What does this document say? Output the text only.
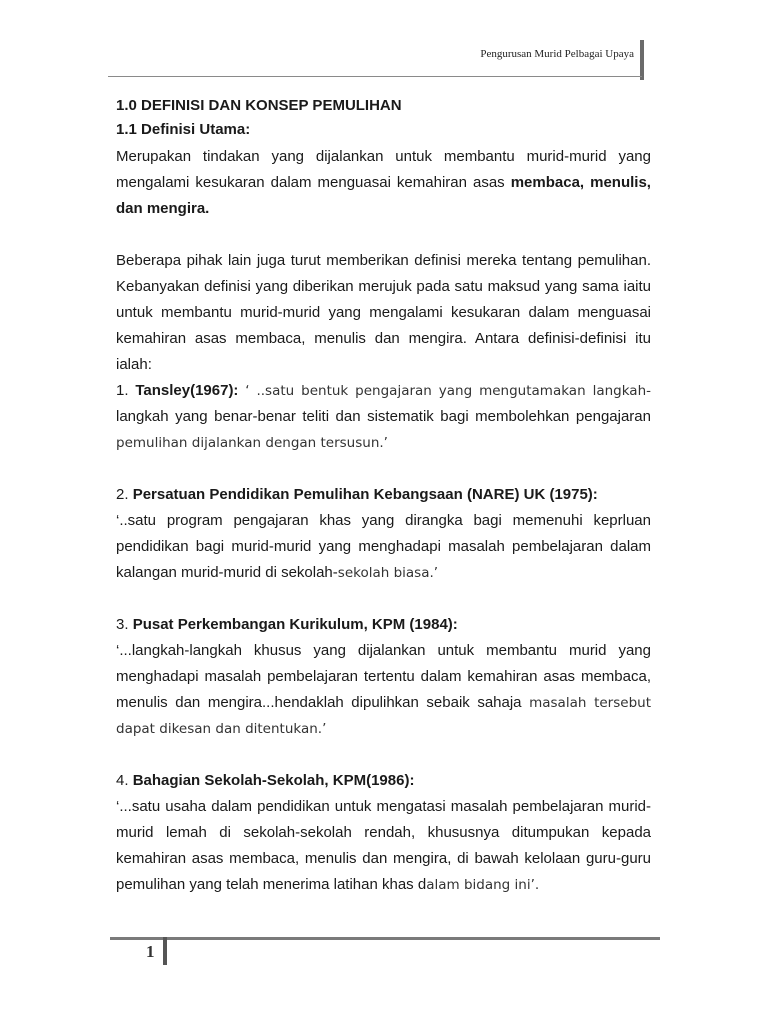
Pengurusan Murid Pelbagai Upaya
1.0 DEFINISI DAN KONSEP PEMULIHAN
1.1 Definisi Utama:

Merupakan tindakan yang dijalankan untuk membantu murid-murid yang mengalami kesukaran dalam menguasai kemahiran asas membaca, menulis, dan mengira.

Beberapa pihak lain juga turut memberikan definisi mereka tentang pemulihan. Kebanyakan definisi yang diberikan merujuk pada satu maksud yang sama iaitu untuk membantu murid-murid yang mengalami kesukaran dalam menguasai kemahiran asas membaca, menulis dan mengira. Antara definisi-definisi itu ialah:

1. Tansley(1967): ‘ ..satu bentuk pengajaran yang mengutamakan langkah- langkah yang benar-benar teliti dan sistematik bagi membolehkan pengajaran pemulihan dijalankan dengan tersusun.’

2. Persatuan Pendidikan Pemulihan Kebangsaan (NARE) UK (1975):

‘..satu program pengajaran khas yang dirangka bagi memenuhi keprluan pendidikan bagi murid-murid yang menghadapi masalah pembelajaran dalam kalangan murid-murid di sekolah-sekolah biasa.’

3. Pusat Perkembangan Kurikulum, KPM (1984):

‘...langkah-langkah khusus yang dijalankan untuk membantu murid yang menghadapi masalah pembelajaran tertentu dalam kemahiran asas membaca, menulis dan mengira...hendaklah dipulihkan sebaik sahaja masalah tersebut dapat dikesan dan ditentukan.’

4. Bahagian Sekolah-Sekolah, KPM(1986):

‘...satu usaha dalam pendidikan untuk mengatasi masalah pembelajaran murid-murid lemah di sekolah-sekolah rendah, khususnya ditumpukan kepada kemahiran asas membaca, menulis dan mengira, di bawah kelolaan guru-guru pemulihan yang telah menerima latihan khas dalam bidang ini’.

1
